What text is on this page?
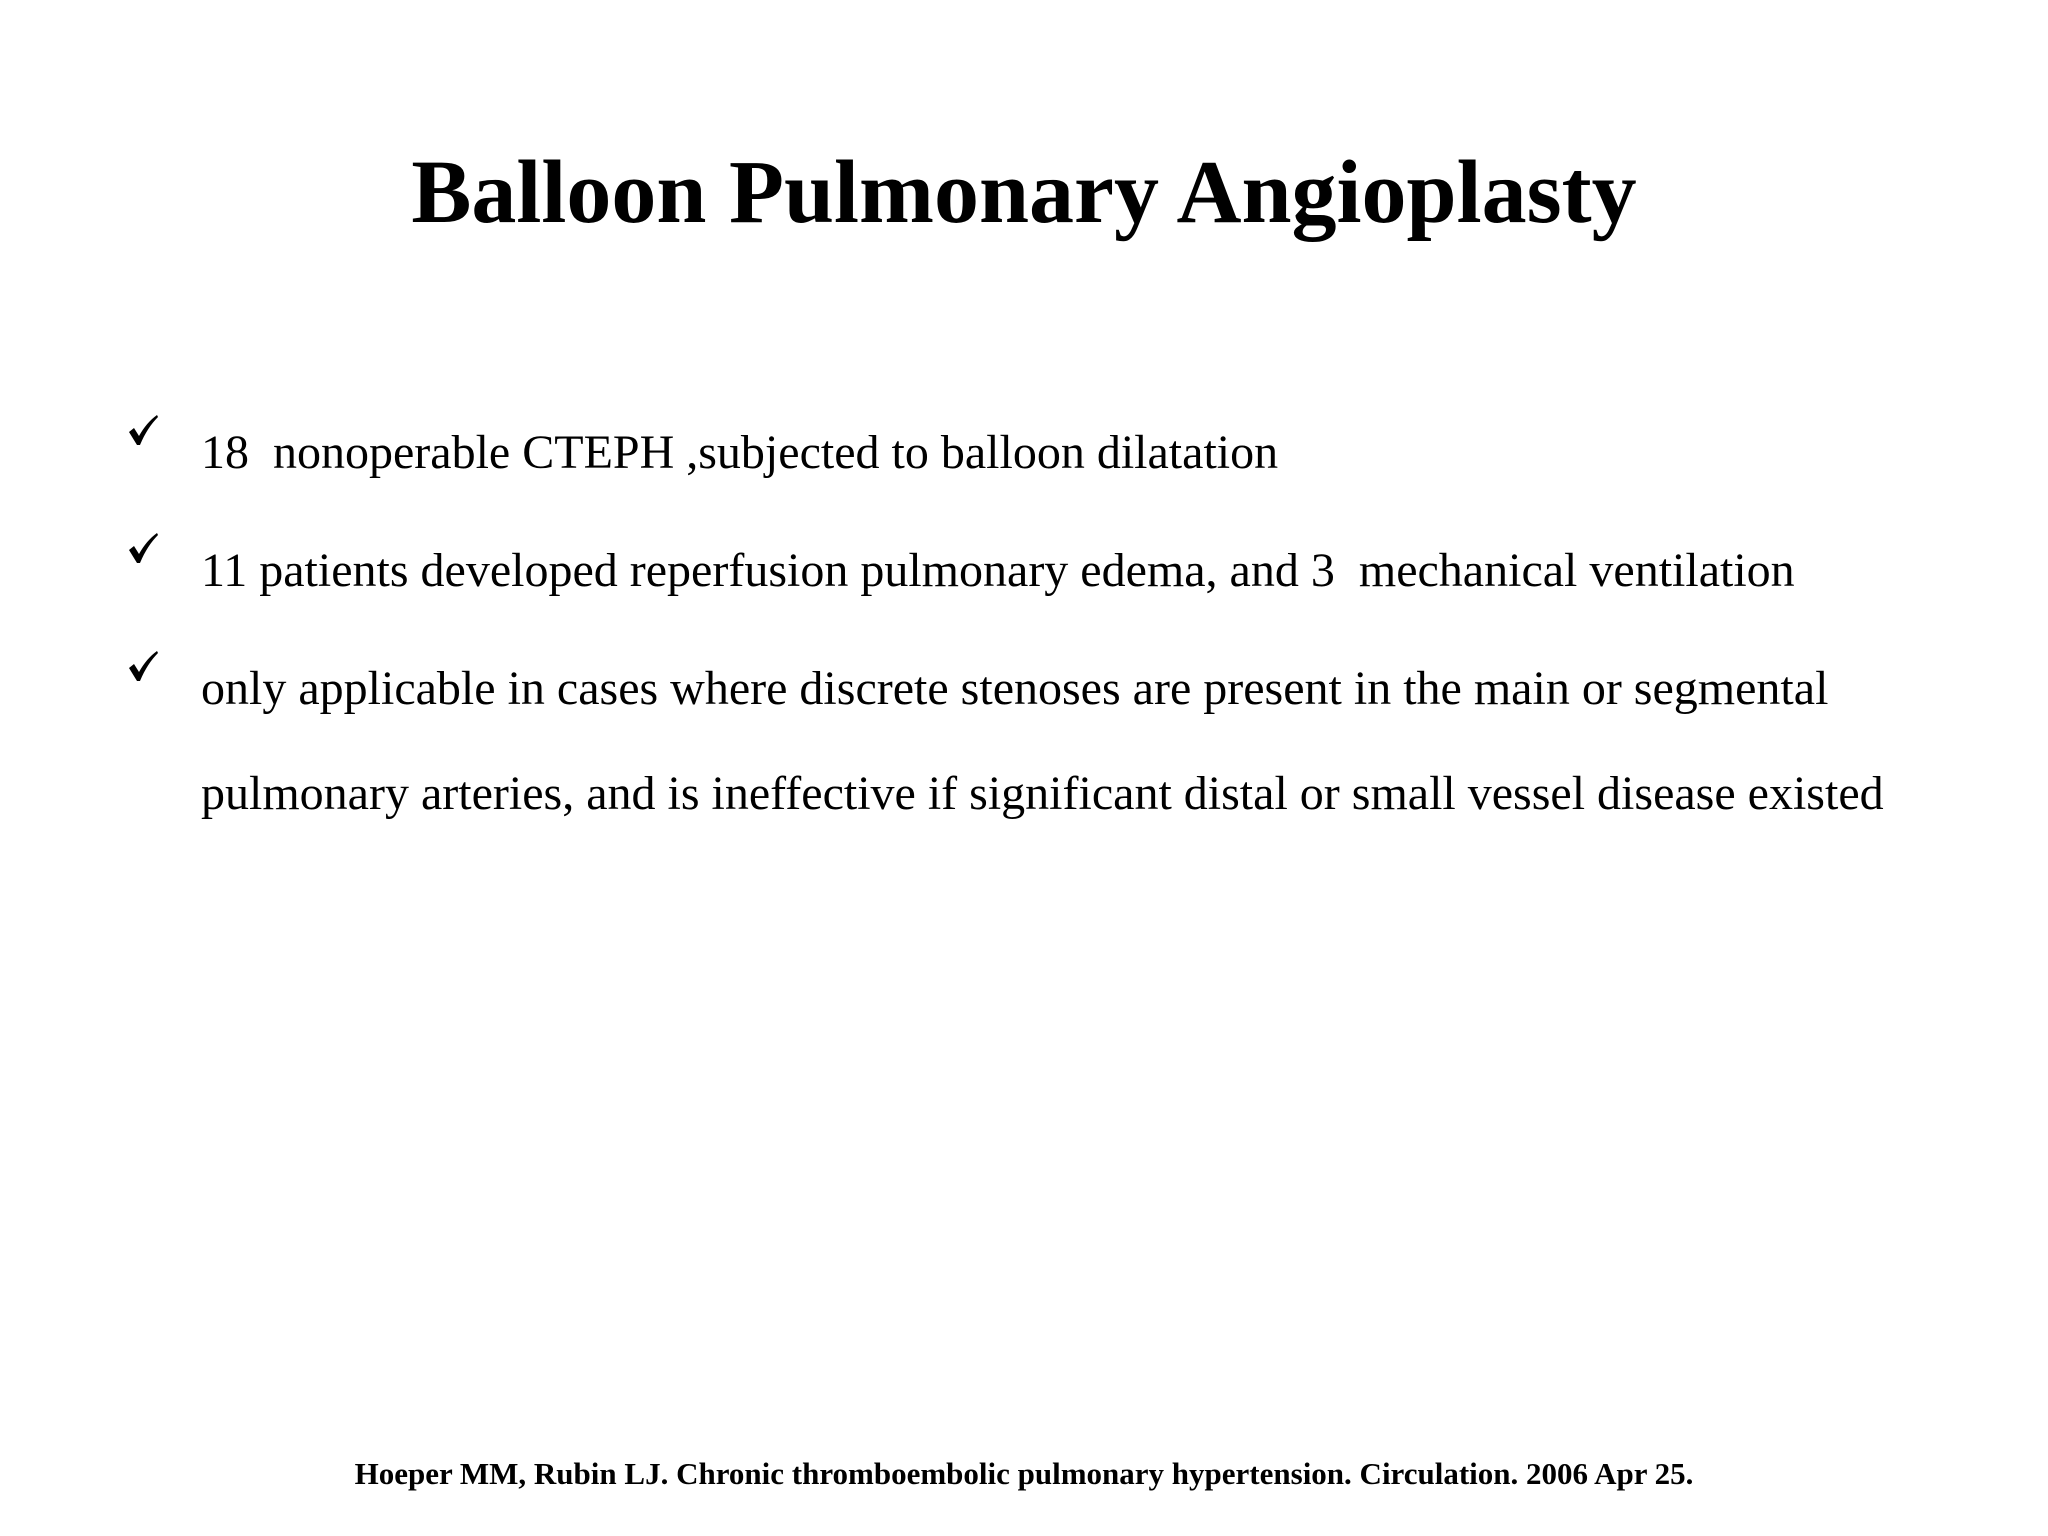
Balloon Pulmonary Angioplasty
18  nonoperable CTEPH ,subjected to balloon dilatation
11 patients developed reperfusion pulmonary edema, and 3  mechanical ventilation
only applicable in cases where discrete stenoses are present in the main or segmental pulmonary arteries, and is ineffective if significant distal or small vessel disease existed
Hoeper MM, Rubin LJ. Chronic thromboembolic pulmonary hypertension. Circulation. 2006 Apr 25.
